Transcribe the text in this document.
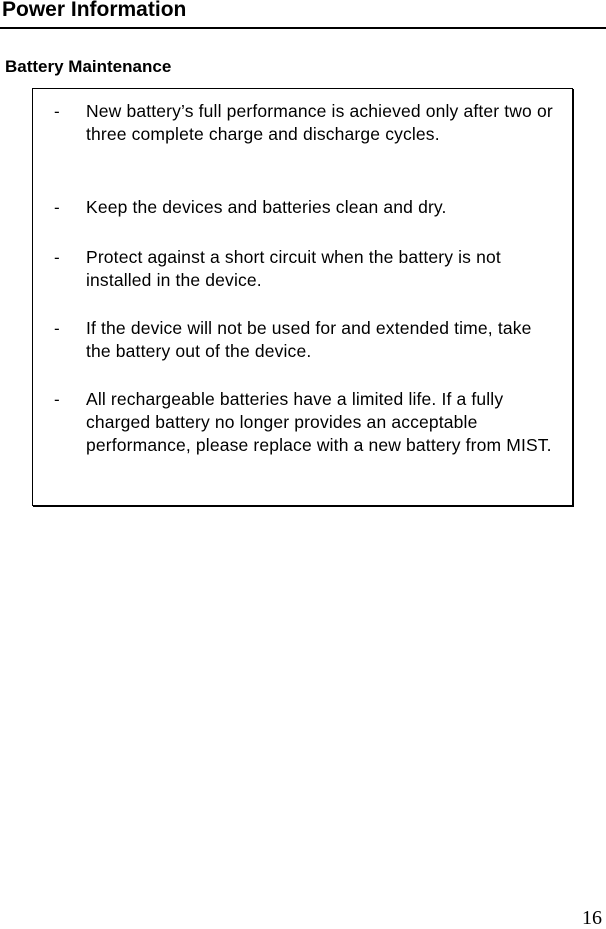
Power Information
Battery Maintenance
- New battery’s full performance is achieved only after two or three complete charge and discharge cycles.
- Keep the devices and batteries clean and dry.
- Protect against a short circuit when the battery is not installed in the device.
- If the device will not be used for and extended time, take the battery out of the device.
- All rechargeable batteries have a limited life. If a fully charged battery no longer provides an acceptable performance, please replace with a new battery from MIST.
16
